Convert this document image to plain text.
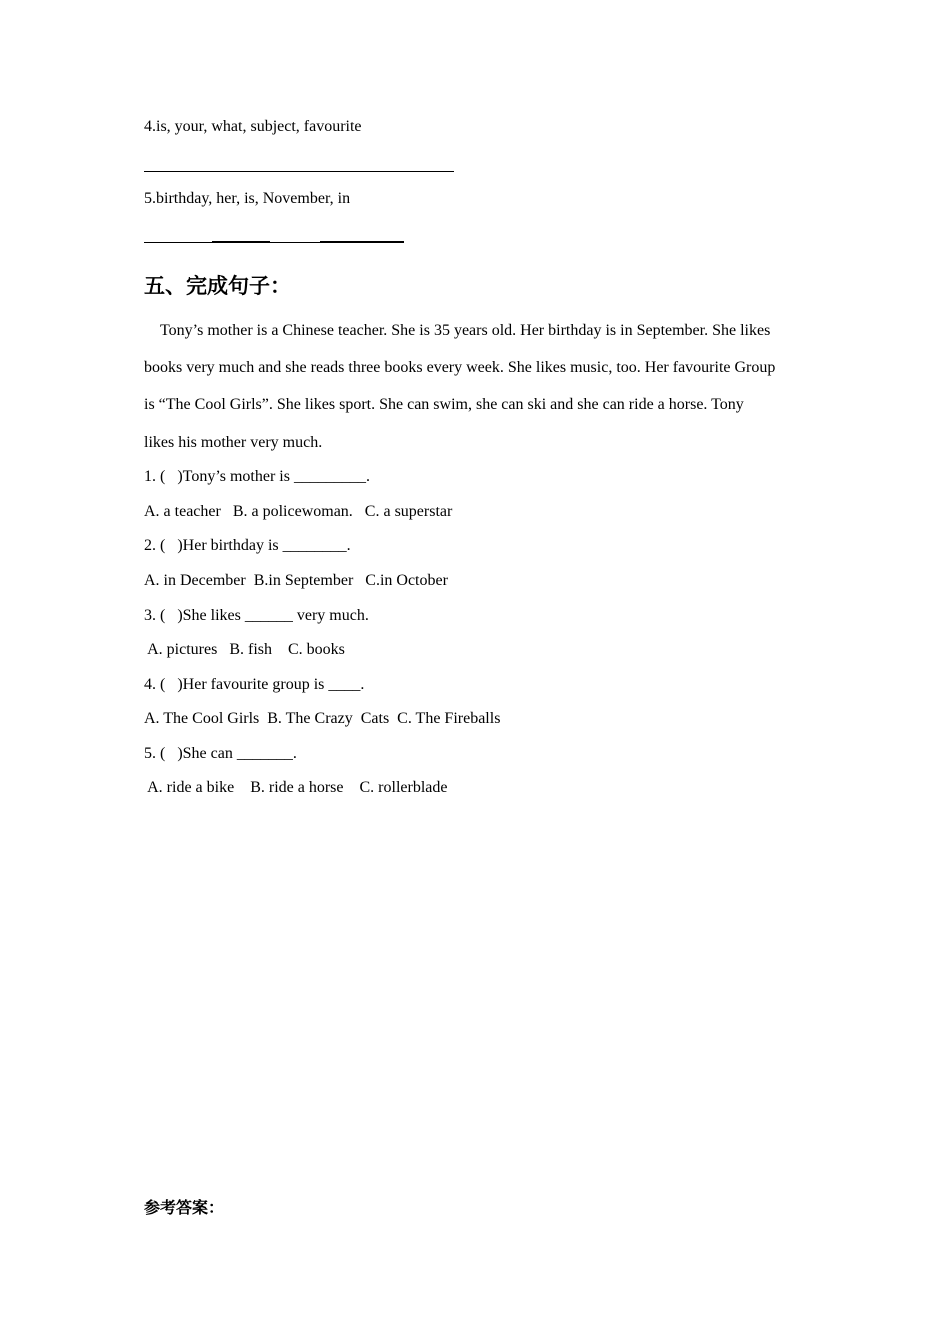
4.is, your, what, subject, favourite
5.birthday, her, is, November, in
五、完成句子：
Tony’s mother is a Chinese teacher. She is 35 years old. Her birthday is in September. She likes
books very much and she reads three books every week. She likes music, too. Her favourite Group
is “The Cool Girls”. She likes sport. She can swim, she can ski and she can ride a horse. Tony
likes his mother very much.
1. (   )Tony’s mother is _________.
A. a teacher   B. a policewoman.   C. a superstar
2. (   )Her birthday is ________.
A. in December  B.in September   C.in October
3. (   )She likes ______ very much.
A. pictures   B. fish    C. books
4. (   )Her favourite group is ____.
A. The Cool Girls  B. The Crazy  Cats  C. The Fireballs
5. (   )She can _______.
A. ride a bike    B. ride a horse    C. rollerblade
参考答案：
